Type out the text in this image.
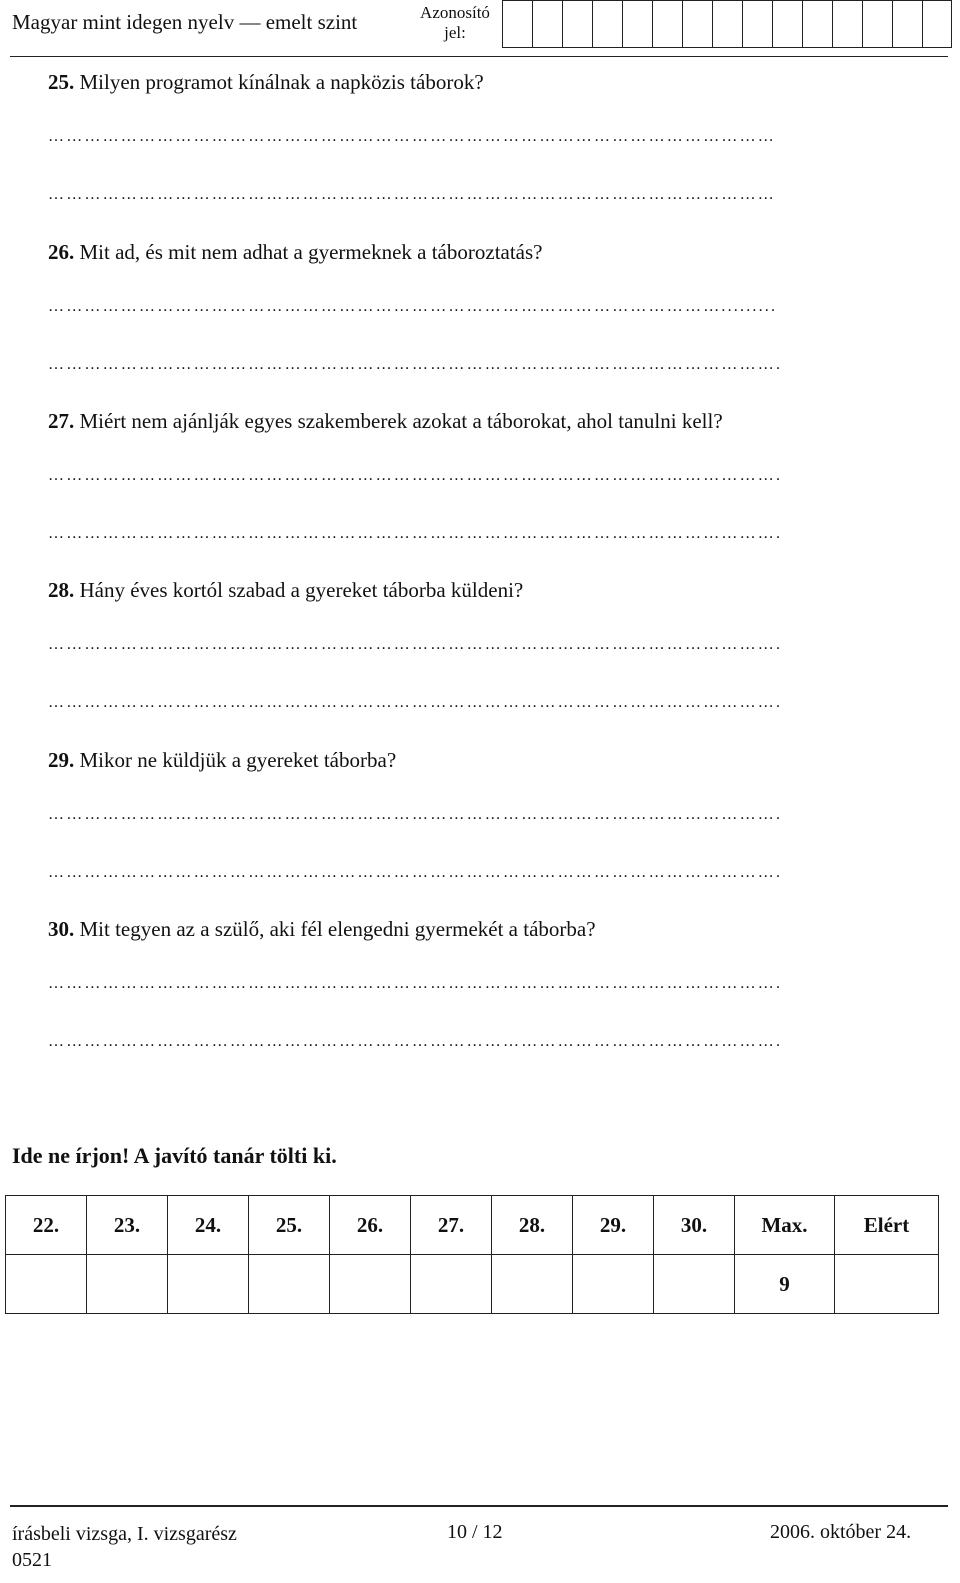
Magyar mint idegen nyelv — emelt szint	Azonosító jel:
25. Milyen programot kínálnak a napközis táborok?
…………………………………………………………………………………………………………
…………………………………………………………………………………………………………
26. Mit ad, és mit nem adhat a gyermeknek a táboroztatás?
………………………………………………………………………………………………….........
………………………………………………………………………………………………………….
27. Miért nem ajánlják egyes szakemberek azokat a táborokat, ahol tanulni kell?
………………………………………………………………………………………………………….
………………………………………………………………………………………………………….
28. Hány éves kortól szabad a gyereket táborba küldeni?
………………………………………………………………………………………………………….
………………………………………………………………………………………………………….
29. Mikor ne küldjük a gyereket táborba?
………………………………………………………………………………………………………….
………………………………………………………………………………………………………….
30. Mit tegyen az a szülő, aki fél elengedni gyermekét a táborba?
………………………………………………………………………………………………………….
………………………………………………………………………………………………………….
Ide ne írjon! A javító tanár tölti ki.
22.	23.	24.	25.	26.	27.	28.	29.	30.	Max.	Elért
									9	
írásbeli vizsga, I. vizsgarész
0521
10 / 12	2006. október 24.
